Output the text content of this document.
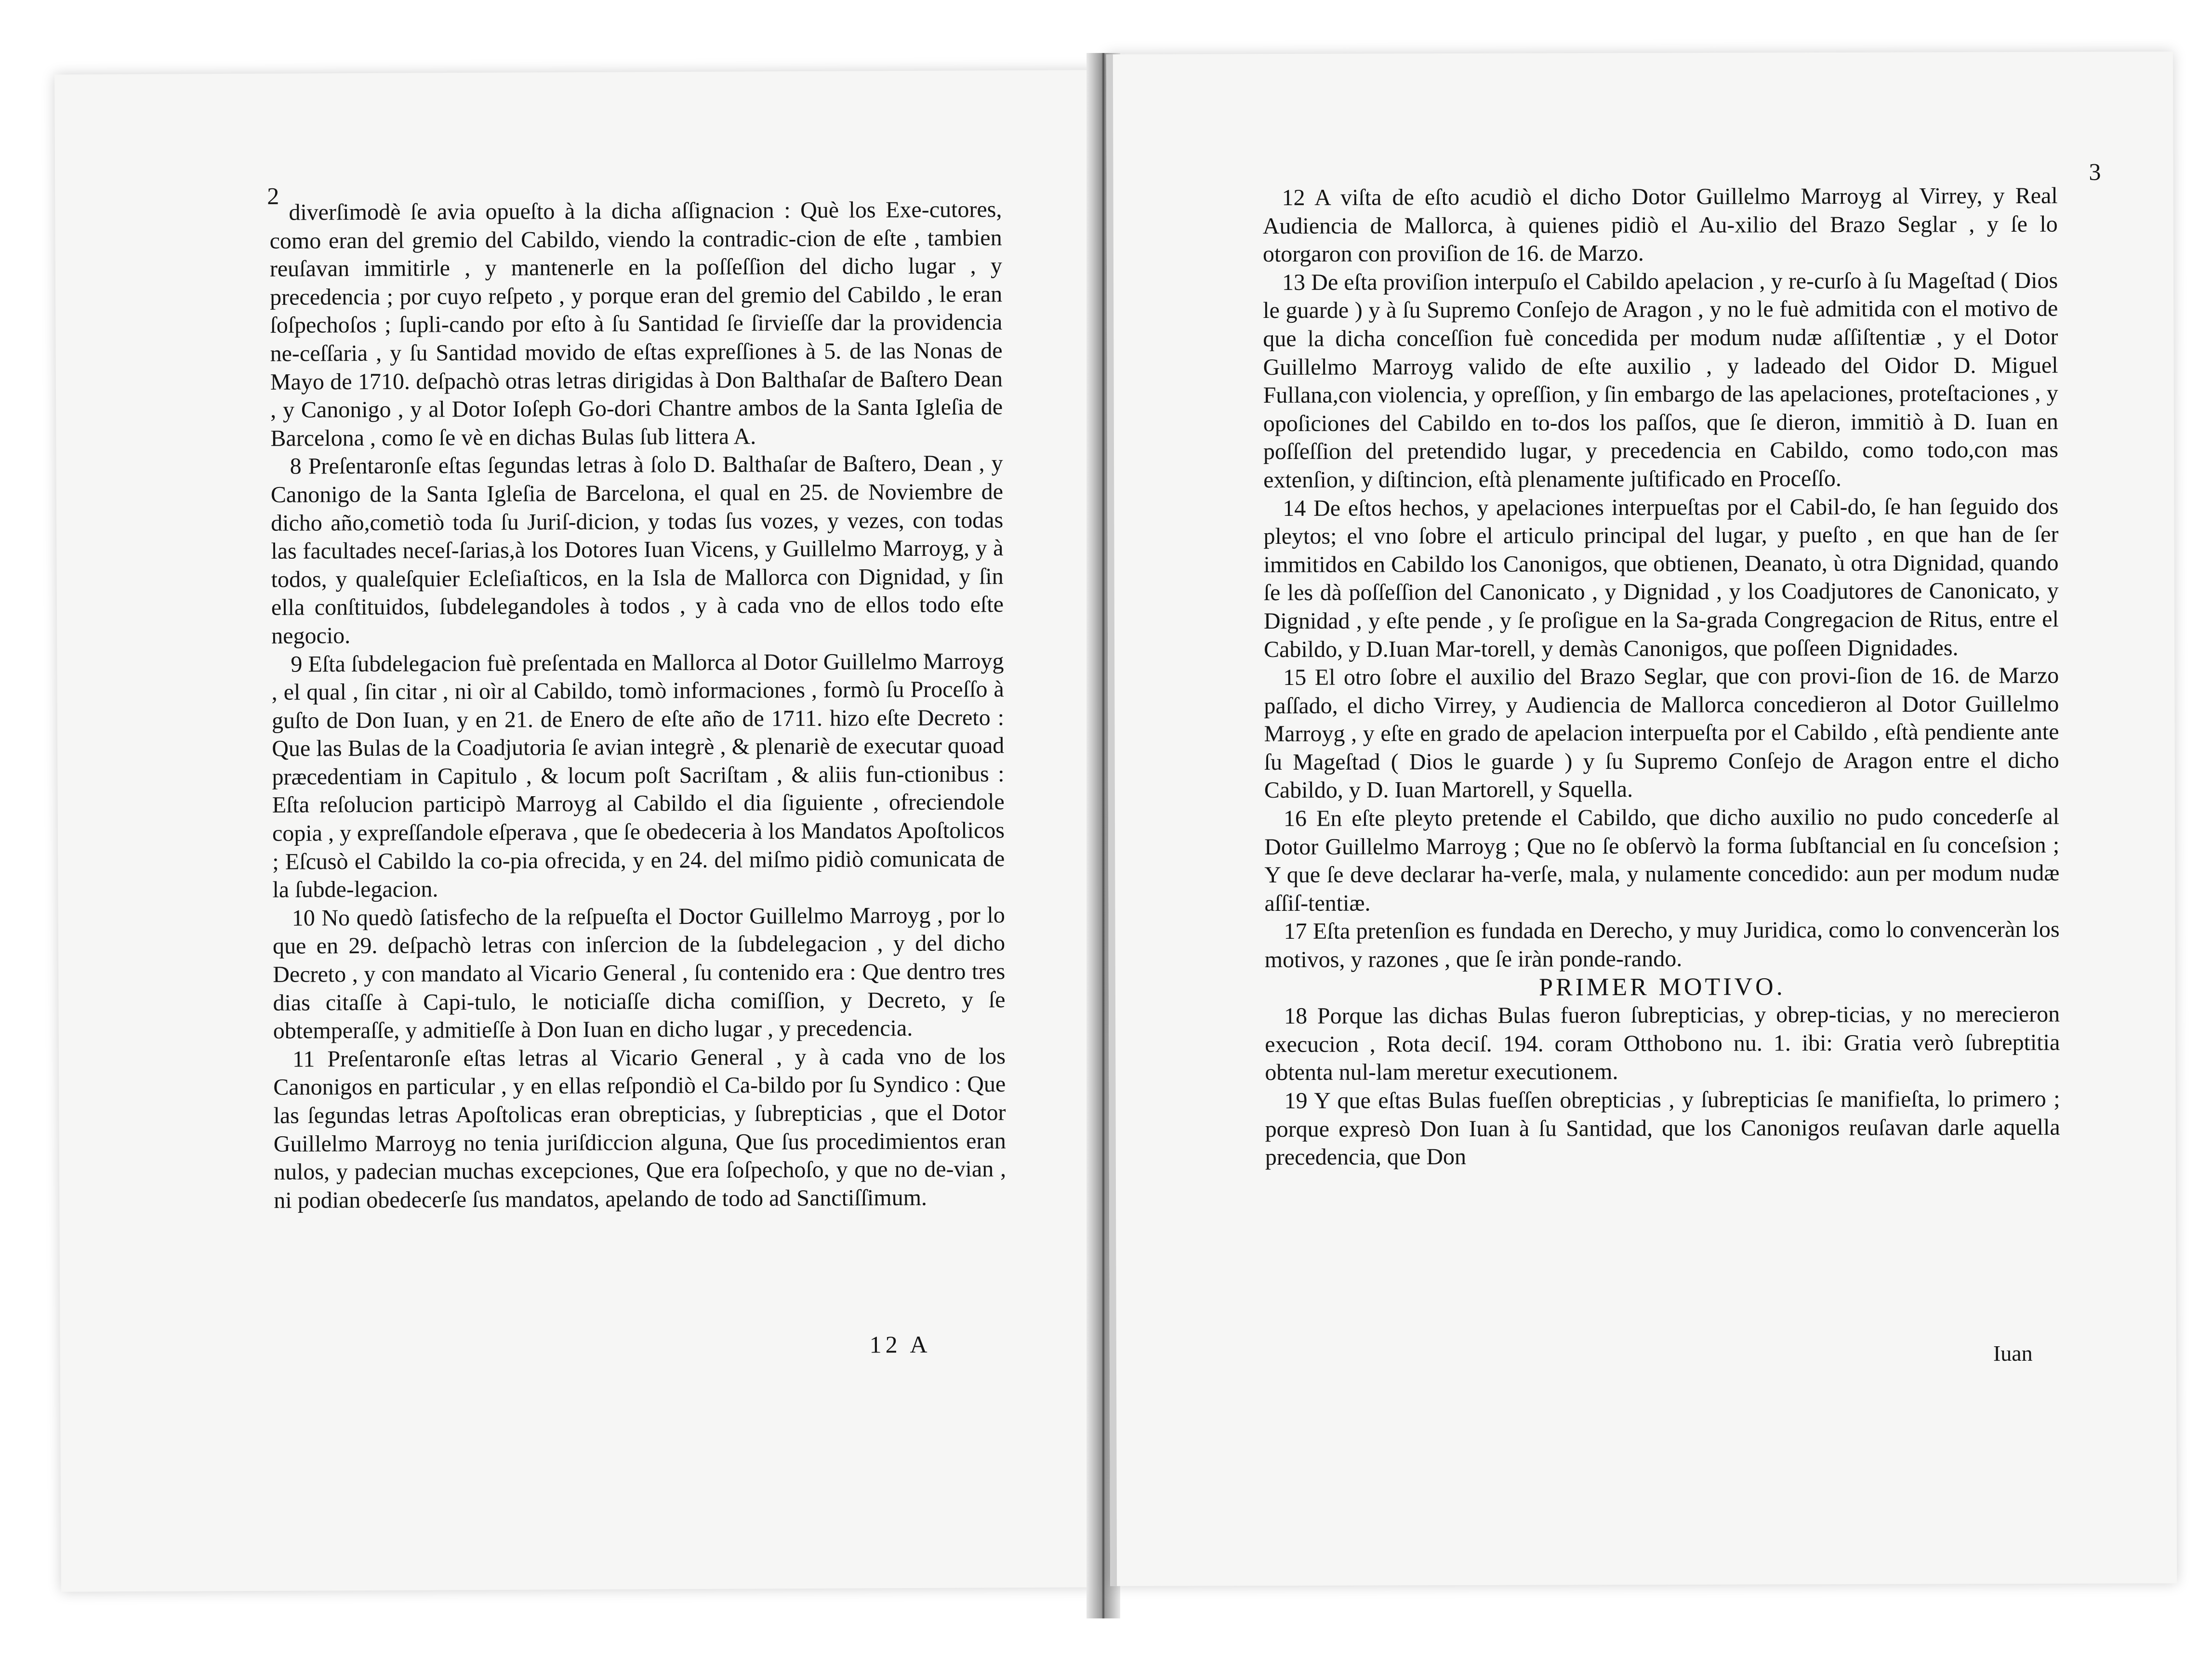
2

diverſimodè ſe avia opueſto à la dicha aſſignacion : Què los Exe-cutores, como eran del gremio del Cabildo, viendo la contradic-cion de eſte , tambien reuſavan immitirle , y mantenerle en la poſſeſſion del dicho lugar , y precedencia ; por cuyo reſpeto , y porque eran del gremio del Cabildo , le eran ſoſpechoſos ; ſupli-cando por eſto à ſu Santidad ſe ſirvieſſe dar la providencia ne-ceſſaria , y ſu Santidad movido de eſtas expreſſiones à 5. de las Nonas de Mayo de 1710. deſpachò otras letras dirigidas à Don Balthaſar de Baſtero Dean , y Canonigo , y al Dotor Ioſeph Go-dori Chantre ambos de la Santa Igleſia de Barcelona , como ſe vè en dichas Bulas ſub littera A.

8 Preſentaronſe eſtas ſegundas letras à ſolo D. Balthaſar de Baſtero, Dean , y Canonigo de la Santa Igleſia de Barcelona, el qual en 25. de Noviembre de dicho año,cometiò toda ſu Juriſ-dicion, y todas ſus vozes, y vezes, con todas las facultades neceſ-ſarias,à los Dotores Iuan Vicens, y Guillelmo Marroyg, y à todos, y qualeſquier Ecleſiaſticos, en la Isla de Mallorca con Dignidad, y ſin ella conſtituidos, ſubdelegandoles à todos , y à cada vno de ellos todo eſte negocio.

9 Eſta ſubdelegacion fuè preſentada en Mallorca al Dotor Guillelmo Marroyg , el qual , ſin citar , ni oìr al Cabildo, tomò informaciones , formò ſu Proceſſo à guſto de Don Iuan, y en 21. de Enero de eſte año de 1711. hizo eſte Decreto : Que las Bulas de la Coadjutoria ſe avian integrè , & plenariè de executar quoad præcedentiam in Capitulo , & locum poſt Sacriſtam , & aliis fun-ctionibus : Eſta reſolucion participò Marroyg al Cabildo el dia ſiguiente , ofreciendole copia , y expreſſandole eſperava , que ſe obedeceria à los Mandatos Apoſtolicos ; Eſcusò el Cabildo la co-pia ofrecida, y en 24. del miſmo pidiò comunicata de la ſubde-legacion.

10 No quedò ſatisfecho de la reſpueſta el Doctor Guillelmo Marroyg , por lo que en 29. deſpachò letras con inſercion de la ſubdelegacion , y del dicho Decreto , y con mandato al Vicario General , ſu contenido era : Que dentro tres dias citaſſe à Capi-tulo, le noticiaſſe dicha comiſſion, y Decreto, y ſe obtemperaſſe, y admitieſſe à Don Iuan en dicho lugar , y precedencia.

11 Preſentaronſe eſtas letras al Vicario General , y à cada vno de los Canonigos en particular , y en ellas reſpondiò el Ca-bildo por ſu Syndico : Que las ſegundas letras Apoſtolicas eran obrepticias, y ſubrepticias , que el Dotor Guillelmo Marroyg no tenia juriſdiccion alguna, Que ſus procedimientos eran nulos, y padecian muchas excepciones, Que era ſoſpechoſo, y que no de-vian , ni podian obedecerſe ſus mandatos, apelando de todo ad Sanctiſſimum.

12 A
3

12 A viſta de eſto acudiò el dicho Dotor Guillelmo Marroyg al Virrey, y Real Audiencia de Mallorca, à quienes pidiò el Au-xilio del Brazo Seglar , y ſe lo otorgaron con proviſion de 16. de Marzo.

13 De eſta proviſion interpuſo el Cabildo apelacion , y re-curſo à ſu Mageſtad ( Dios le guarde ) y à ſu Supremo Conſejo de Aragon , y no le fuè admitida con el motivo de que la dicha conceſſion fuè concedida per modum nudæ aſſiſtentiæ , y el Dotor Guillelmo Marroyg valido de eſte auxilio , y ladeado del Oidor D. Miguel Fullana,con violencia, y opreſſion, y ſin embargo de las apelaciones, proteſtaciones , y opoſiciones del Cabildo en to-dos los paſſos, que ſe dieron, immitiò à D. Iuan en poſſeſſion del pretendido lugar, y precedencia en Cabildo, como todo,con mas extenſion, y diſtincion, eſtà plenamente juſtificado en Proceſſo.

14 De eſtos hechos, y apelaciones interpueſtas por el Cabil-do, ſe han ſeguido dos pleytos; el vno ſobre el articulo principal del lugar, y pueſto , en que han de ſer immitidos en Cabildo los Canonigos, que obtienen, Deanato, ù otra Dignidad, quando ſe les dà poſſeſſion del Canonicato , y Dignidad , y los Coadjutores de Canonicato, y Dignidad , y eſte pende , y ſe proſigue en la Sa-grada Congregacion de Ritus, entre el Cabildo, y D.Iuan Mar-torell, y demàs Canonigos, que poſſeen Dignidades.

15 El otro ſobre el auxilio del Brazo Seglar, que con provi-ſion de 16. de Marzo paſſado, el dicho Virrey, y Audiencia de Mallorca concedieron al Dotor Guillelmo Marroyg , y eſte en grado de apelacion interpueſta por el Cabildo , eſtà pendiente ante ſu Mageſtad ( Dios le guarde ) y ſu Supremo Conſejo de Aragon entre el dicho Cabildo, y D. Iuan Martorell, y Squella.

16 En eſte pleyto pretende el Cabildo, que dicho auxilio no pudo concederſe al Dotor Guillelmo Marroyg ; Que no ſe obſervò la forma ſubſtancial en ſu conceſsion ; Y que ſe deve declarar ha-verſe, mala, y nulamente concedido: aun per modum nudæ aſſiſ-tentiæ.

17 Eſta pretenſion es fundada en Derecho, y muy Juridica, como lo convenceràn los motivos, y razones , que ſe iràn ponde-rando.

PRIMER MOTIVO.

18 Porque las dichas Bulas fueron ſubrepticias, y obrep-ticias, y no merecieron execucion , Rota deciſ. 194. coram Otthobono nu. 1. ibi: Gratia verò ſubreptitia obtenta nul-lam meretur executionem.

19 Y que eſtas Bulas fueſſen obrepticias , y ſubrepticias ſe manifieſta, lo primero ; porque expresò Don Iuan à ſu Santidad, que los Canonigos reuſavan darle aquella precedencia, que Don

Iuan
